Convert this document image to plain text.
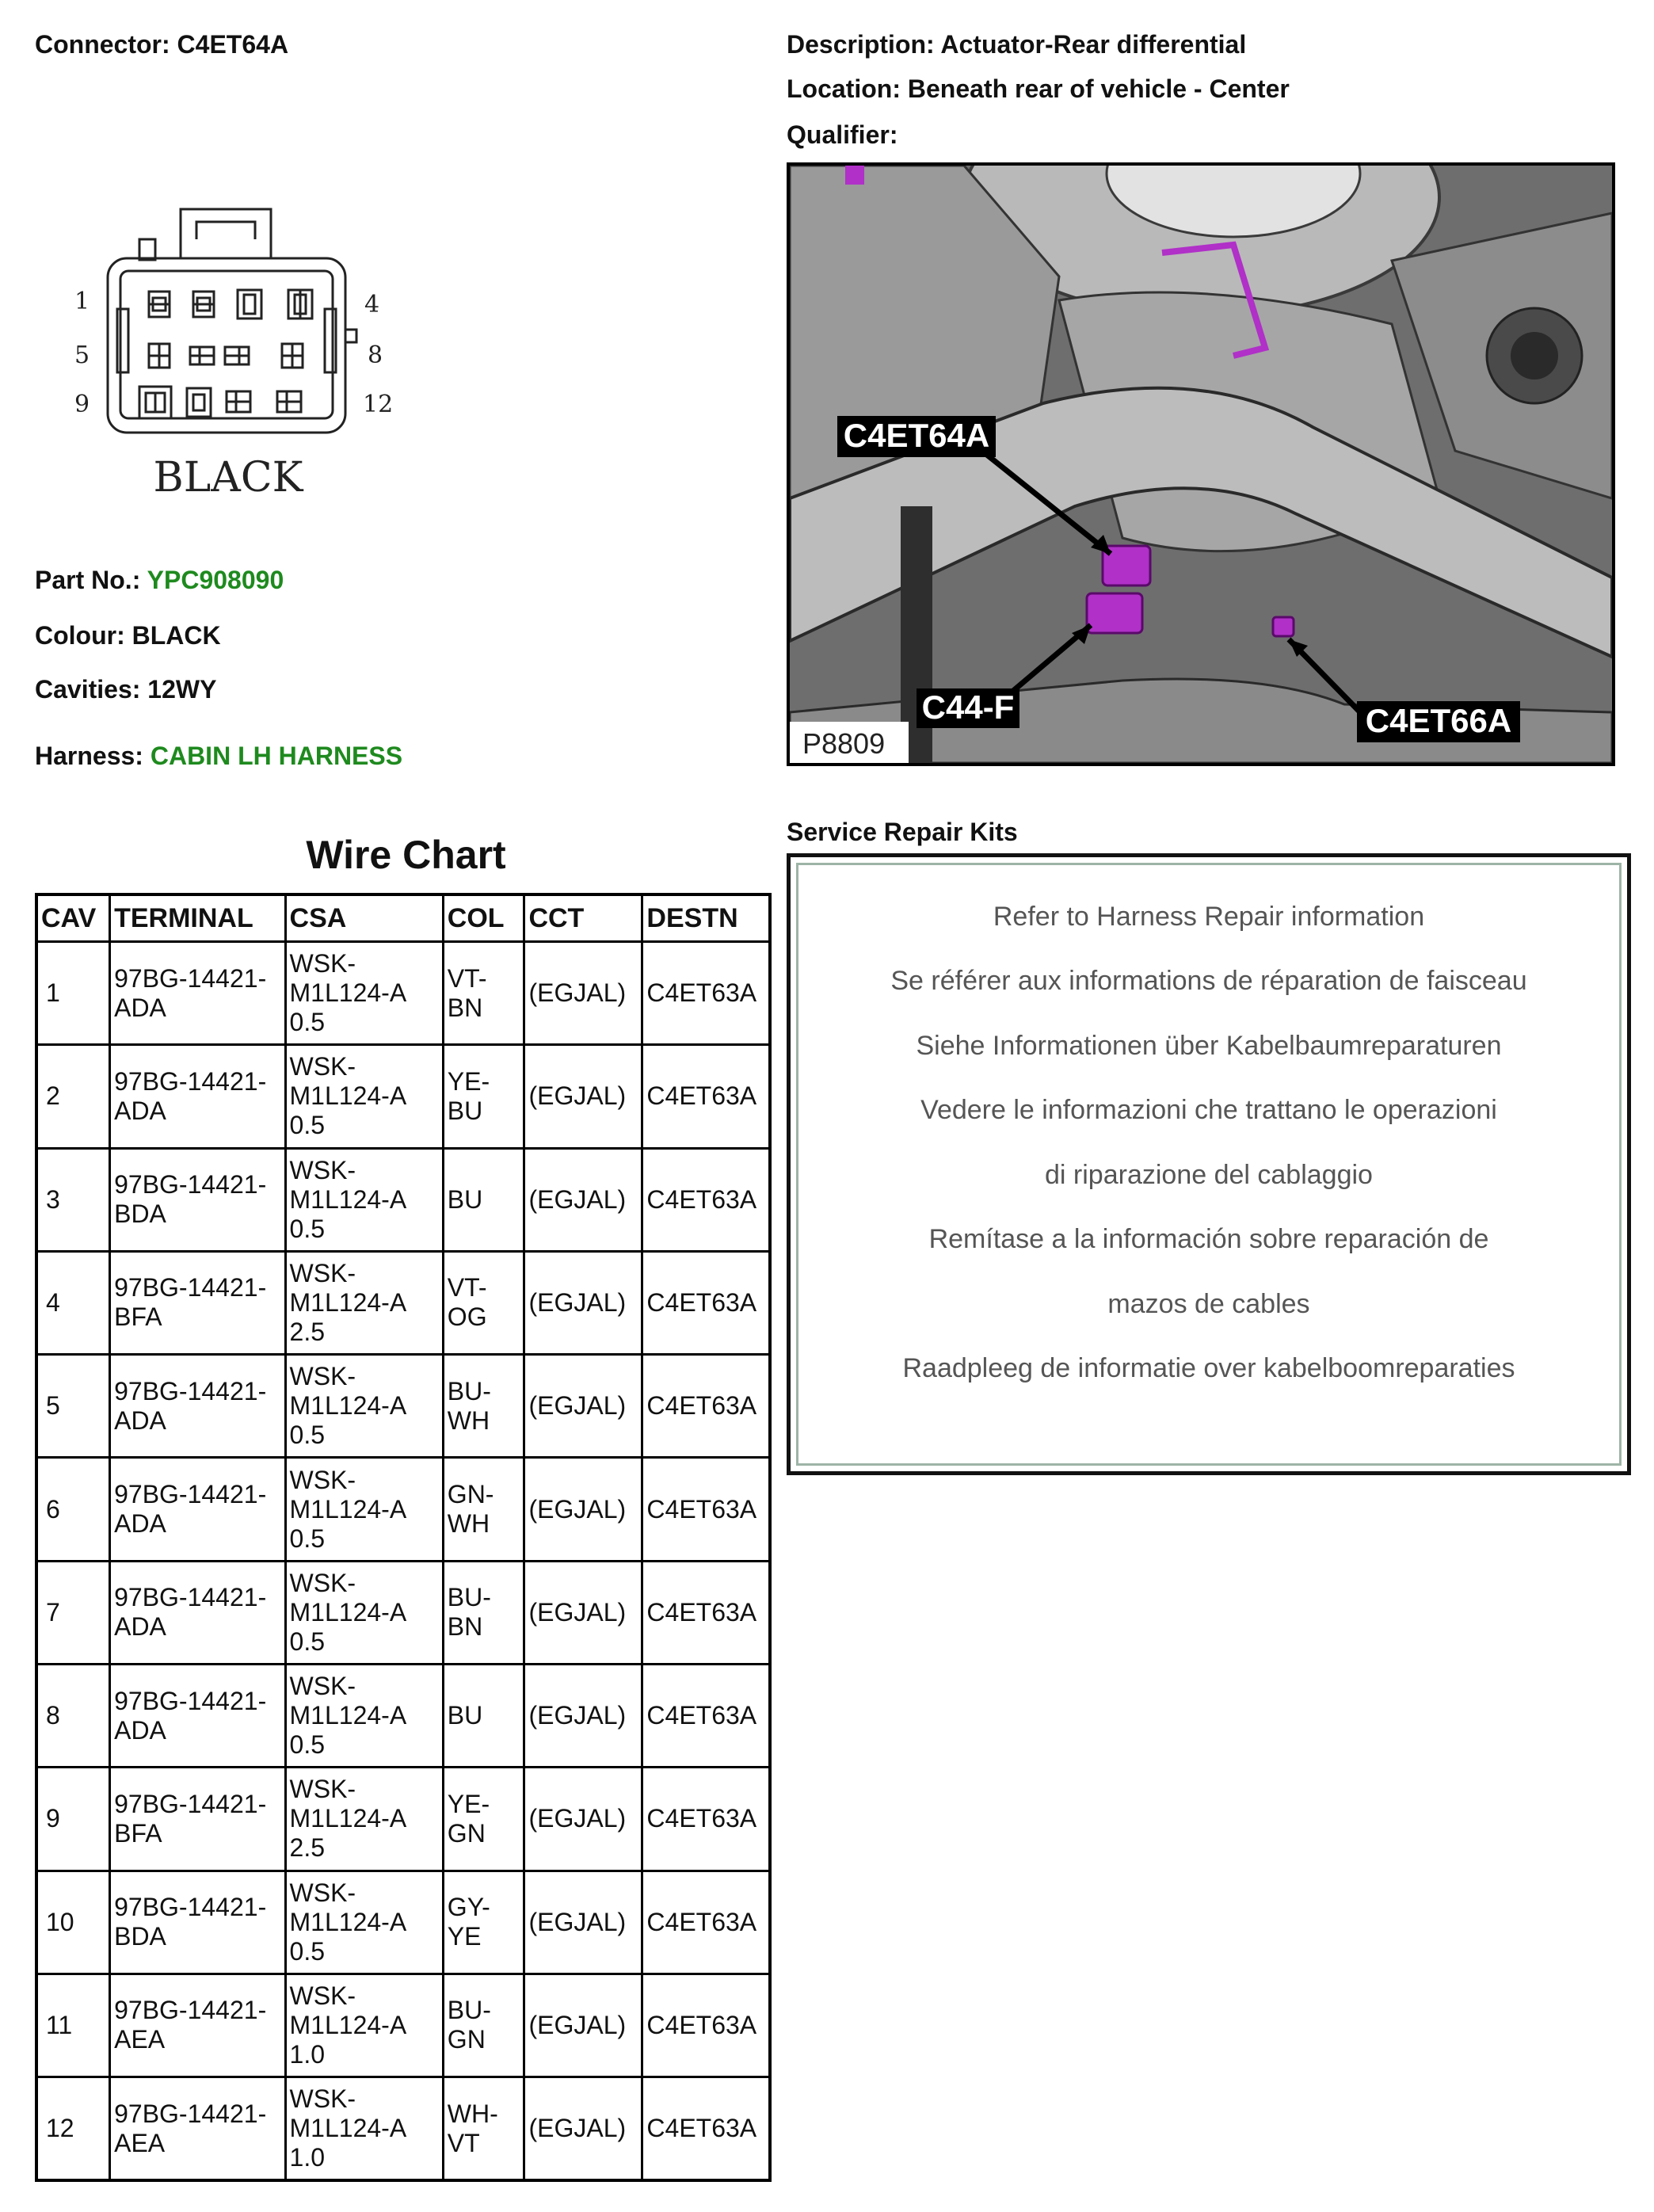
Connector: C4ET64A	Description: Actuator-Rear differential
Location: Beneath rear of vehicle - Center
Qualifier:
1	4
5	8
9	12
BLACK
Part No.: YPC908090
Colour: BLACK
Cavities: 12WY
Harness: CABIN LH HARNESS
C4ET64A
C44-F	C4ET66A
P8809
Wire Chart
CAV	TERMINAL	CSA	COL	CCT	DESTN
1	97BG-14421-ADA	WSK-M1L124-A 0.5	VT-BN	(EGJAL)	C4ET63A
2	97BG-14421-ADA	WSK-M1L124-A 0.5	YE-BU	(EGJAL)	C4ET63A
3	97BG-14421-BDA	WSK-M1L124-A 0.5	BU	(EGJAL)	C4ET63A
4	97BG-14421-BFA	WSK-M1L124-A 2.5	VT-OG	(EGJAL)	C4ET63A
5	97BG-14421-ADA	WSK-M1L124-A 0.5	BU-WH	(EGJAL)	C4ET63A
6	97BG-14421-ADA	WSK-M1L124-A 0.5	GN-WH	(EGJAL)	C4ET63A
7	97BG-14421-ADA	WSK-M1L124-A 0.5	BU-BN	(EGJAL)	C4ET63A
8	97BG-14421-ADA	WSK-M1L124-A 0.5	BU	(EGJAL)	C4ET63A
9	97BG-14421-BFA	WSK-M1L124-A 2.5	YE-GN	(EGJAL)	C4ET63A
10	97BG-14421-BDA	WSK-M1L124-A 0.5	GY-YE	(EGJAL)	C4ET63A
11	97BG-14421-AEA	WSK-M1L124-A 1.0	BU-GN	(EGJAL)	C4ET63A
12	97BG-14421-AEA	WSK-M1L124-A 1.0	WH-VT	(EGJAL)	C4ET63A
Service Repair Kits
Refer to Harness Repair information
Se référer aux informations de réparation de faisceau
Siehe Informationen über Kabelbaumreparaturen
Vedere le informazioni che trattano le operazioni
di riparazione del cablaggio
Remítase a la información sobre reparación de
mazos de cables
Raadpleeg de informatie over kabelboomreparaties
